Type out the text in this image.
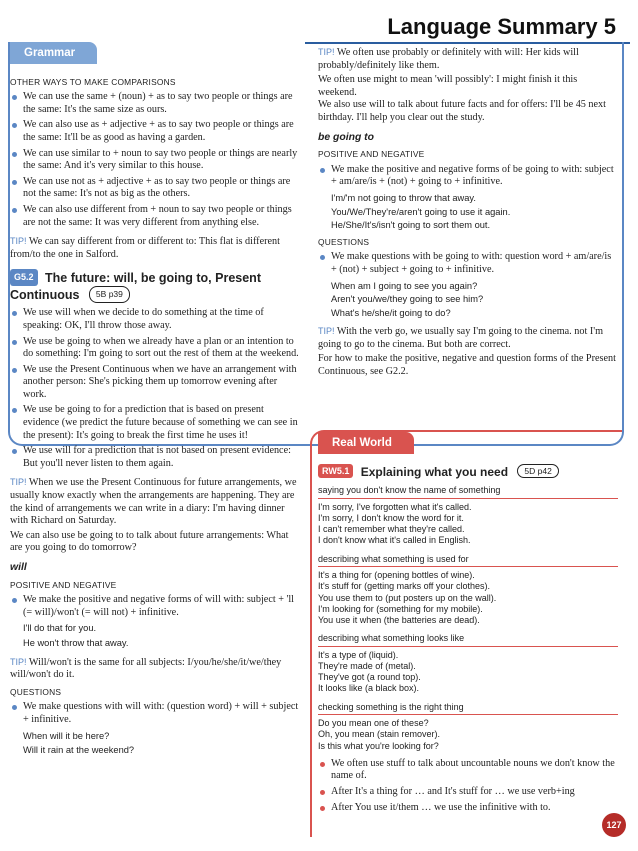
Language Summary 5
Grammar
OTHER WAYS TO MAKE COMPARISONS
We can use the same + (noun) + as to say two people or things are the same: It's the same size as ours.
We can also use as + adjective + as to say two people or things are the same: It'll be as good as having a garden.
We can use similar to + noun to say two people or things are nearly the same: And it's very similar to this house.
We can use not as + adjective + as to say two people or things are not the same: It's not as big as the others.
We can also use different from + noun to say two people or things are not the same: It was very different from anything else.
TIP! We can say different from or different to: This flat is different from/to the one in Salford.
G5.2 The future: will, be going to, Present Continuous 5B p39
We use will when we decide to do something at the time of speaking: OK, I'll throw those away.
We use be going to when we already have a plan or an intention to do something: I'm going to sort out the rest of them at the weekend.
We use the Present Continuous when we have an arrangement with another person: She's picking them up tomorrow evening after work.
We use be going to for a prediction that is based on present evidence (we predict the future because of something we can see in the present): It's going to break the first time he uses it!
We use will for a prediction that is not based on present evidence: But you'll never listen to them again.
TIP! When we use the Present Continuous for future arrangements, we usually know exactly when the arrangements are happening. They are the kind of arrangements we can write in a diary: I'm having dinner with Richard on Saturday.
We can also use be going to to talk about future arrangements: What are you going to do tomorrow?
will
POSITIVE AND NEGATIVE
We make the positive and negative forms of will with: subject + 'll (= will)/won't (= will not) + infinitive.
I'll do that for you.
He won't throw that away.
TIP! Will/won't is the same for all subjects: I/you/he/she/it/we/they will/won't do it.
QUESTIONS
We make questions with will with: (question word) + will + subject + infinitive.
When will it be here?
Will it rain at the weekend?
TIP! We often use probably or definitely with will: Her kids will probably/definitely like them.
We often use might to mean 'will possibly': I might finish it this weekend.
We also use will to talk about future facts and for offers: I'll be 45 next birthday. I'll help you clear out the study.
be going to
POSITIVE AND NEGATIVE
We make the positive and negative forms of be going to with: subject + am/are/is + (not) + going to + infinitive.
I'm/'m not going to throw that away.
You/We/They're/aren't going to use it again.
He/She/It's/isn't going to sort them out.
QUESTIONS
We make questions with be going to with: question word + am/are/is + (not) + subject + going to + infinitive.
When am I going to see you again?
Aren't you/we/they going to see him?
What's he/she/it going to do?
TIP! With the verb go, we usually say I'm going to the cinema. not I'm going to go to the cinema. But both are correct.
For how to make the positive, negative and question forms of the Present Continuous, see G2.2.
Real World
RW5.1 Explaining what you need 5D p42
saying you don't know the name of something
I'm sorry, I've forgotten what it's called.
I'm sorry, I don't know the word for it.
I can't remember what they're called.
I don't know what it's called in English.
describing what something is used for
It's a thing for (opening bottles of wine).
It's stuff for (getting marks off your clothes).
You use them to (put posters up on the wall).
I'm looking for (something for my mobile).
You use it when (the batteries are dead).
describing what something looks like
It's a type of (liquid).
They're made of (metal).
They've got (a round top).
It looks like (a black box).
checking something is the right thing
Do you mean one of these?
Oh, you mean (stain remover).
Is this what you're looking for?
We often use stuff to talk about uncountable nouns we don't know the name of.
After It's a thing for … and It's stuff for … we use verb+ing
After You use it/them … we use the infinitive with to.
127
